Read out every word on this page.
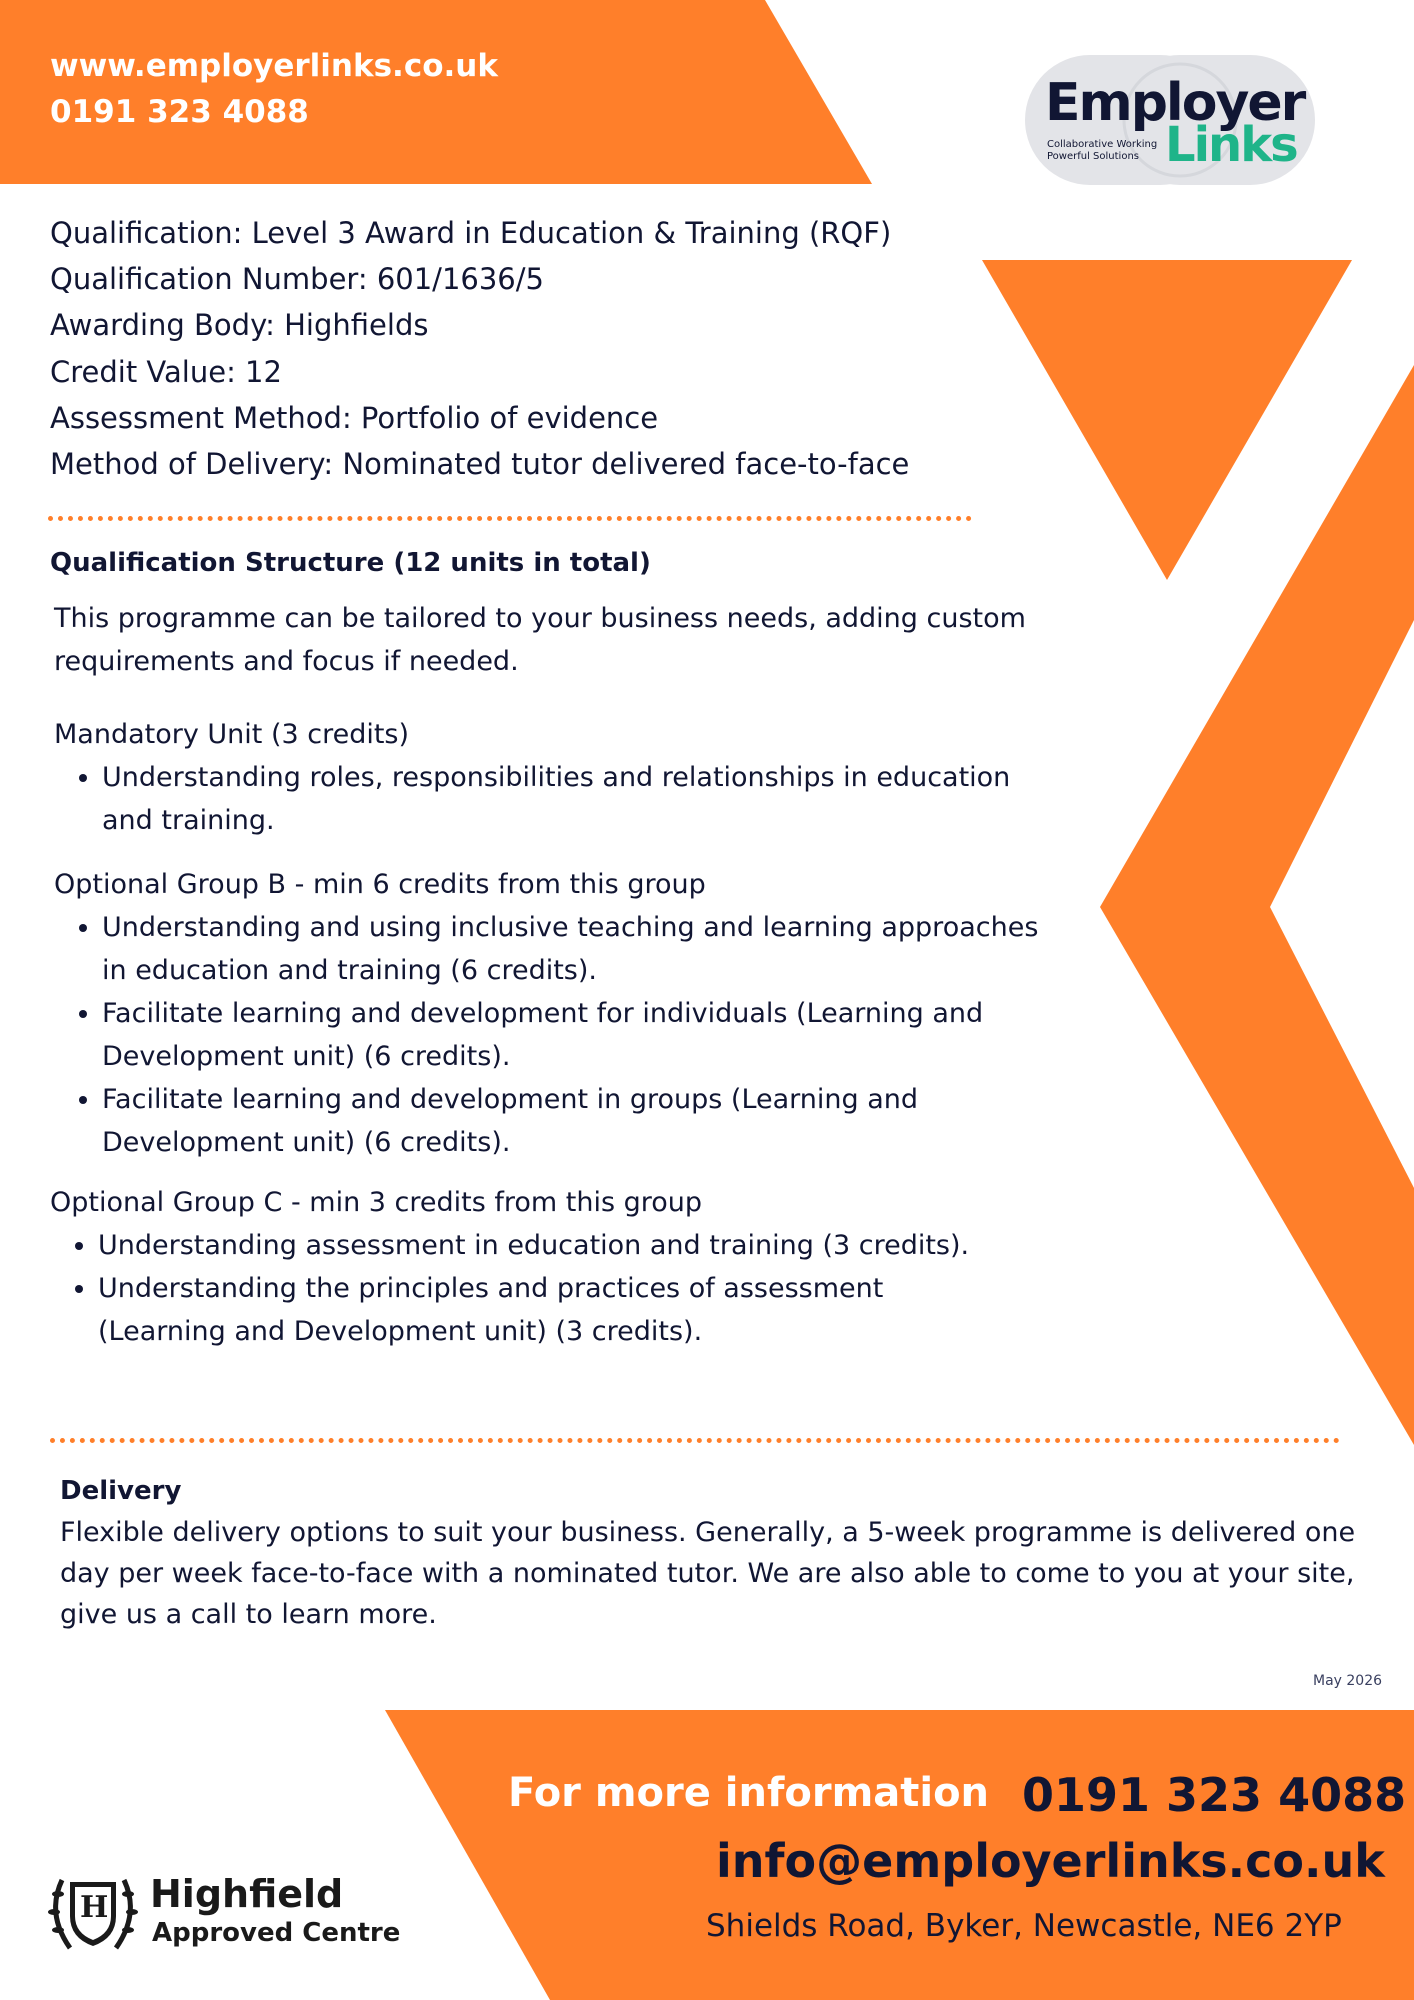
www.employerlinks.co.uk
0191 323 4088	Employer
Links
Collaborative Working
Powerful Solutions
Qualification: Level 3 Award in Education & Training (RQF)
Qualification Number: 601/1636/5
Awarding Body: Highfields
Credit Value: 12
Assessment Method: Portfolio of evidence
Method of Delivery: Nominated tutor delivered face-to-face
Qualification Structure (12 units in total)
This programme can be tailored to your business needs, adding custom requirements and focus if needed.
Mandatory Unit (3 credits)
• Understanding roles, responsibilities and relationships in education and training.
Optional Group B - min 6 credits from this group
• Understanding and using inclusive teaching and learning approaches in education and training (6 credits).
• Facilitate learning and development for individuals (Learning and Development unit) (6 credits).
• Facilitate learning and development in groups (Learning and Development unit) (6 credits).
Optional Group C - min 3 credits from this group
• Understanding assessment in education and training (3 credits).
• Understanding the principles and practices of assessment (Learning and Development unit) (3 credits).
Delivery
Flexible delivery options to suit your business. Generally, a 5-week programme is delivered one day per week face-to-face with a nominated tutor. We are also able to come to you at your site, give us a call to learn more.
May 2026
For more information 0191 323 4088
info@employerlinks.co.uk
Shields Road, Byker, Newcastle, NE6 2YP
H Highfield
Approved Centre
